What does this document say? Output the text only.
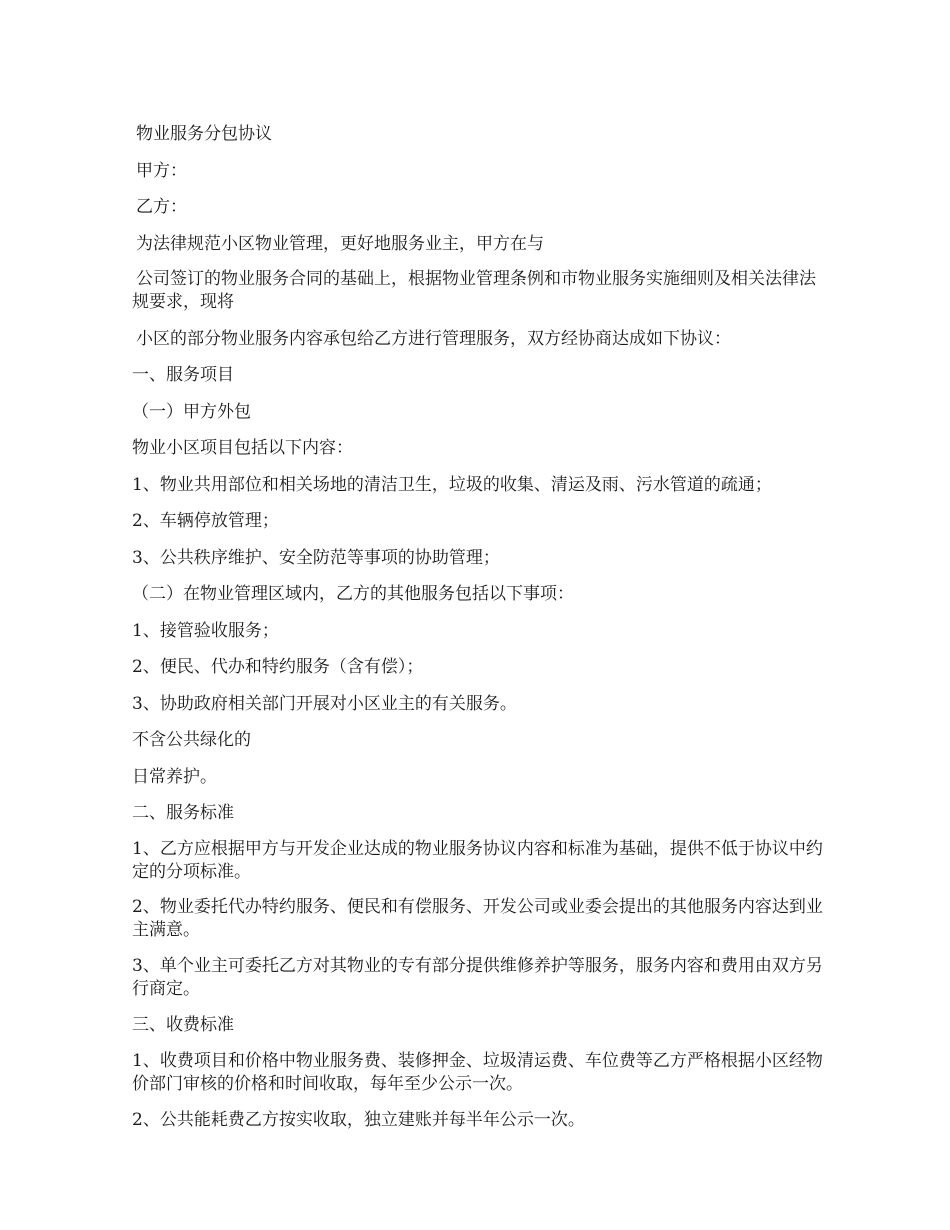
物业服务分包协议

甲方：

乙方：

为法律规范小区物业管理，更好地服务业主，甲方在与

公司签订的物业服务合同的基础上，根据物业管理条例和市物业服务实施细则及相关法律法规要求，现将

小区的部分物业服务内容承包给乙方进行管理服务，双方经协商达成如下协议：

一、服务项目

（一）甲方外包

物业小区项目包括以下内容：

1、物业共用部位和相关场地的清洁卫生，垃圾的收集、清运及雨、污水管道的疏通；

2、车辆停放管理；

3、公共秩序维护、安全防范等事项的协助管理；

（二）在物业管理区域内，乙方的其他服务包括以下事项：

1、接管验收服务；

2、便民、代办和特约服务（含有偿）；

3、协助政府相关部门开展对小区业主的有关服务。

不含公共绿化的

日常养护。

二、服务标准

1、乙方应根据甲方与开发企业达成的物业服务协议内容和标准为基础，提供不低于协议中约定的分项标准。

2、物业委托代办特约服务、便民和有偿服务、开发公司或业委会提出的其他服务内容达到业主满意。

3、单个业主可委托乙方对其物业的专有部分提供维修养护等服务，服务内容和费用由双方另行商定。

三、收费标准

1、收费项目和价格中物业服务费、装修押金、垃圾清运费、车位费等乙方严格根据小区经物价部门审核的价格和时间收取，每年至少公示一次。

2、公共能耗费乙方按实收取，独立建账并每半年公示一次。
